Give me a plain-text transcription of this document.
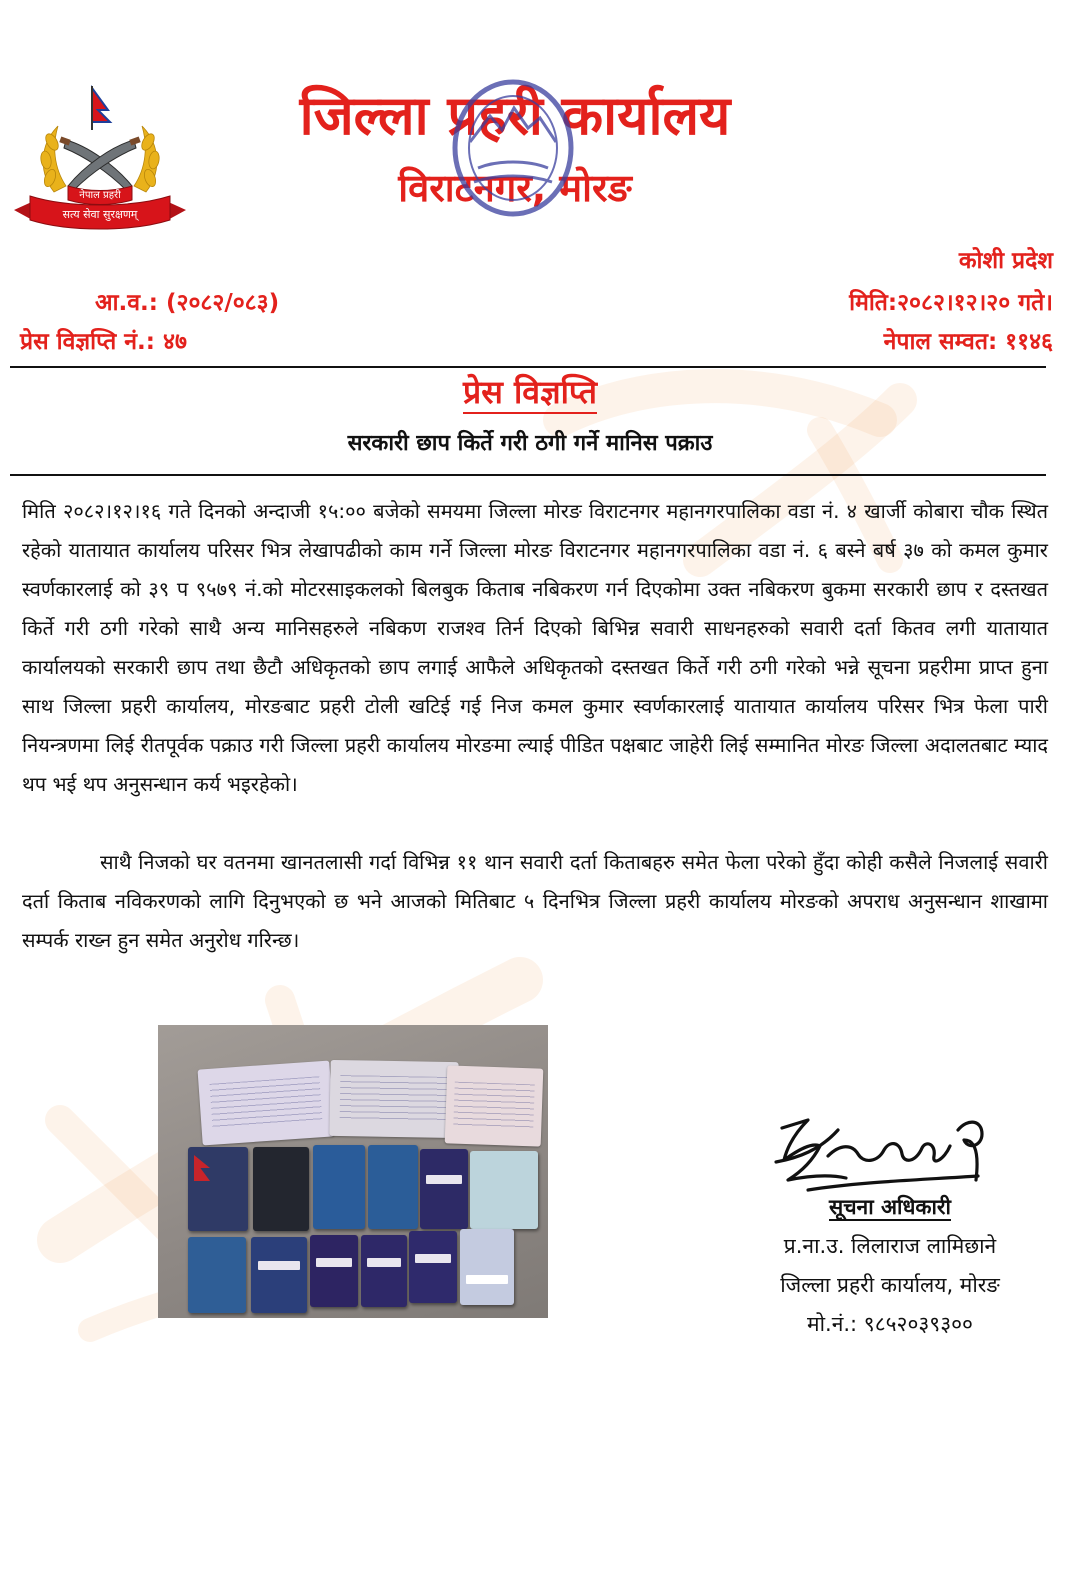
नेपाल प्रहरी
सत्य सेवा सुरक्षणम्
जिल्ला प्रहरी कार्यालय
विराटनगर, मोरङ
कोशी प्रदेश
आ.व.: (२०८२/०८३)	मिति:२०८२।१२।२० गते।
प्रेस विज्ञप्ति नं.: ४७	नेपाल सम्वत: ११४६
प्रेस विज्ञप्ति
सरकारी छाप किर्ते गरी ठगी गर्ने मानिस पक्राउ

मिति २०८२।१२।१६ गते दिनको अन्दाजी १५:०० बजेको समयमा जिल्ला मोरङ विराटनगर महानगरपालिका वडा नं. ४ खार्जी कोबारा चौक स्थित रहेको यातायात कार्यालय परिसर भित्र लेखापढीको काम गर्ने जिल्ला मोरङ विराटनगर महानगरपालिका वडा नं. ६ बस्ने बर्ष ३७ को कमल कुमार स्वर्णकारलाई को ३९ प ९५७९ नं.को मोटरसाइकलको बिलबुक किताब नबिकरण गर्न दिएकोमा उक्त नबिकरण बुकमा सरकारी छाप र दस्तखत किर्ते गरी ठगी गरेको साथै अन्य मानिसहरुले नबिकण राजश्व तिर्न दिएको बिभिन्न सवारी साधनहरुको सवारी दर्ता कितव लगी यातायात कार्यालयको सरकारी छाप तथा छैटौ अधिकृतको छाप लगाई आफैले अधिकृतको दस्तखत किर्ते गरी ठगी गरेको भन्ने सूचना प्रहरीमा प्राप्त हुना साथ जिल्ला प्रहरी कार्यालय, मोरङबाट प्रहरी टोली खटिई गई निज कमल कुमार स्वर्णकारलाई यातायात कार्यालय परिसर भित्र फेला पारी नियन्त्रणमा लिई रीतपूर्वक पक्राउ गरी जिल्ला प्रहरी कार्यालय मोरङमा ल्याई पीडित पक्षबाट जाहेरी लिई सम्मानित मोरङ जिल्ला अदालतबाट म्याद थप भई थप अनुसन्धान कर्य भइरहेको।

साथै निजको घर वतनमा खानतलासी गर्दा विभिन्न ११ थान सवारी दर्ता किताबहरु समेत फेला परेको हुँदा कोही कसैले निजलाई सवारी दर्ता किताब नविकरणको लागि दिनुभएको छ भने आजको मितिबाट ५ दिनभित्र जिल्ला प्रहरी कार्यालय मोरङको अपराध अनुसन्धान शाखामा सम्पर्क राख्न हुन समेत अनुरोध गरिन्छ।

सूचना अधिकारी
प्र.ना.उ. लिलाराज लामिछाने
जिल्ला प्रहरी कार्यालय, मोरङ
मो.नं.: ९८५२०३९३००
